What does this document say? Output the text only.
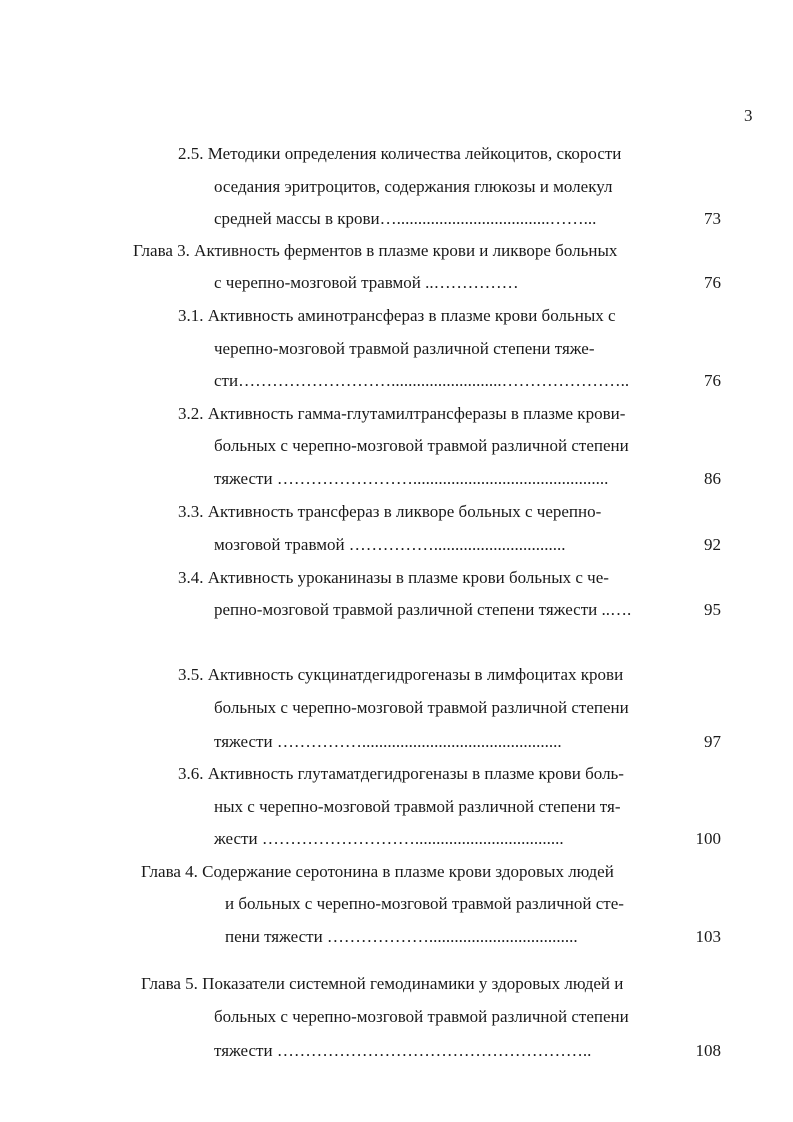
3
2.5. Методики определения количества лейкоцитов, скорости
оседания эритроцитов, содержания глюкозы и молекул
средней массы в крови…....................................……...	73
Глава 3. Активность ферментов в плазме крови и ликворе больных
с черепно-мозговой травмой ..……………	76
3.1. Активность аминотрансфераз в плазме крови больных с
черепно-мозговой травмой различной степени тяже-
сти………………………..........................…………………..	76
3.2. Активность гамма-глутамилтрансферазы в плазме крови-
больных с черепно-мозговой травмой различной степени
тяжести ……………………..............................................	86
3.3. Активность трансфераз в ликворе больных с черепно-
мозговой травмой ……………...............................	92
3.4. Активность уроканиназы в плазме крови больных с че-
репно-мозговой травмой различной степени тяжести ..….	95
3.5. Активность сукцинатдегидрогеназы в лимфоцитах крови
больных с черепно-мозговой травмой различной степени
тяжести ……………...............................................	97
3.6. Активность глутаматдегидрогеназы в плазме крови боль-
ных с черепно-мозговой травмой различной степени тя-
жести ………………………...................................	100
Глава 4. Содержание серотонина в плазме крови здоровых людей
и больных с черепно-мозговой травмой различной сте-
пени тяжести ………………...................................	103
Глава 5. Показатели системной гемодинамики у здоровых людей и
больных с черепно-мозговой травмой различной степени
тяжести ………………………………………………..	108
